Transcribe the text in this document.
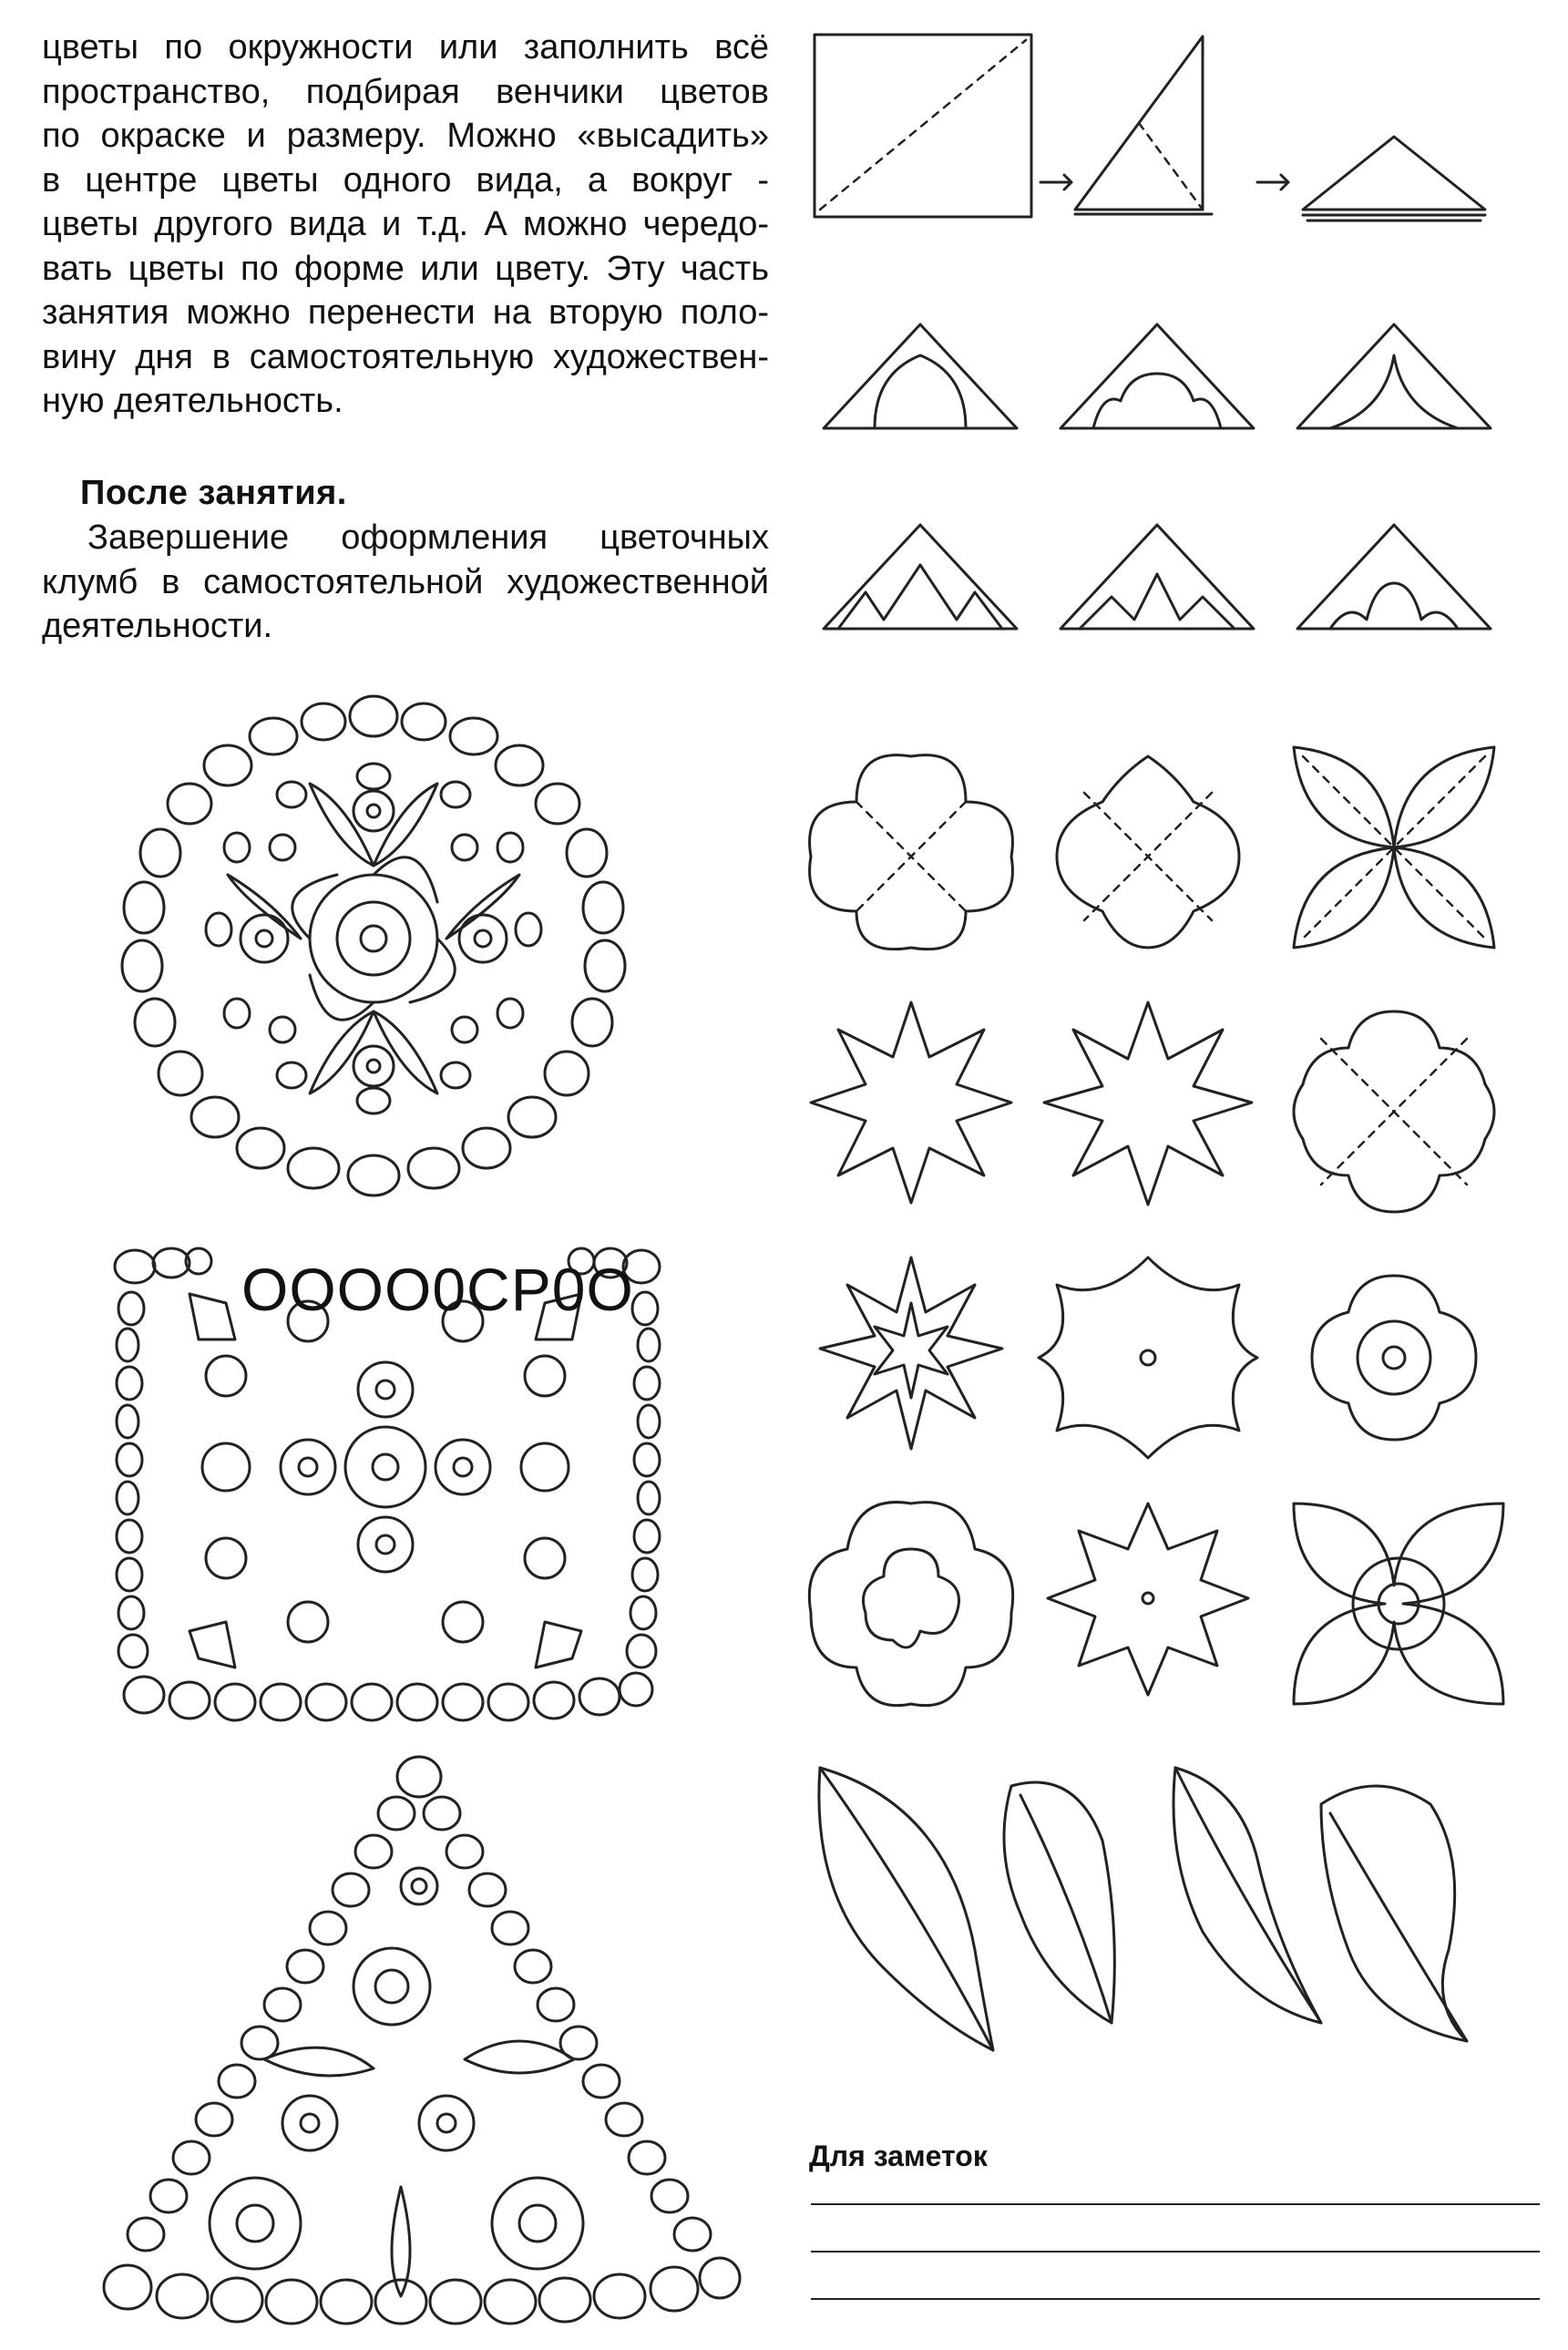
цветы по окружности или заполнить всё
пространство, подбирая венчики цветов
по окраске и размеру. Можно «высадить»
в центре цветы одного вида, а вокруг -
цветы другого вида и т.д. А можно чередо-
вать цветы по форме или цвету. Эту часть
занятия можно перенести на вторую поло-
вину дня в самостоятельную художествен-
ную деятельность.
После занятия.
Завершение оформления цветочных
клумб в самостоятельной художественной
деятельности.
OOOO0CP0O
Для заметок
